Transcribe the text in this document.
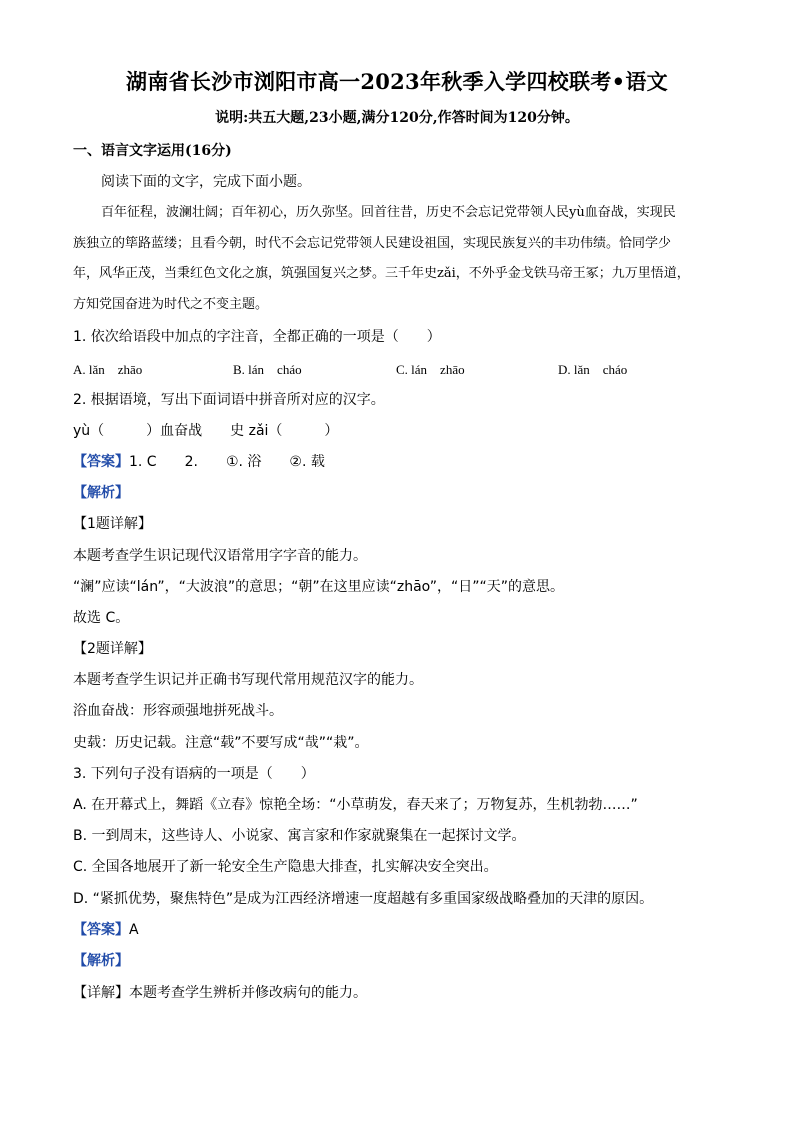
湖南省长沙市浏阳市高一2023年秋季入学四校联考•语文
说明:共五大题,23小题,满分120分,作答时间为120分钟。
一、语言文字运用(16分)
阅读下面的文字，完成下面小题。
百年征程，波澜壮阔；百年初心，历久弥坚。回首往昔，历史不会忘记党带领人民yù血奋战，实现民
族独立的筚路蓝缕；且看今朝，时代不会忘记党带领人民建设祖国，实现民族复兴的丰功伟绩。恰同学少
年，风华正茂，当秉红色文化之旗，筑强国复兴之梦。三千年史zǎi，不外乎金戈铁马帝王冢；九万里悟道，
方知党国奋进为时代之不变主题。
1. 依次给语段中加点的字注音，全都正确的一项是（　　）
A. lǎn　zhāo	B. lán　cháo	C. lán　zhāo	D. lǎn　cháo
2. 根据语境，写出下面词语中拼音所对应的汉字。
yù（　　　）血奋战　　史 zǎi（　　　）
【答案】1. C　　2.　　①. 浴　　②. 载
【解析】
【1题详解】
本题考查学生识记现代汉语常用字字音的能力。
“澜”应读“lán”，“大波浪”的意思；“朝”在这里应读“zhāo”，“日”“天”的意思。
故选 C。
【2题详解】
本题考查学生识记并正确书写现代常用规范汉字的能力。
浴血奋战：形容顽强地拼死战斗。
史载：历史记载。注意“载”不要写成“哉”“栽”。
3. 下列句子没有语病的一项是（　　）
A. 在开幕式上，舞蹈《立春》惊艳全场：“小草萌发，春天来了；万物复苏，生机勃勃……”
B. 一到周末，这些诗人、小说家、寓言家和作家就聚集在一起探讨文学。
C. 全国各地展开了新一轮安全生产隐患大排查，扎实解决安全突出。
D. “紧抓优势，聚焦特色”是成为江西经济增速一度超越有多重国家级战略叠加的天津的原因。
【答案】A
【解析】
【详解】本题考查学生辨析并修改病句的能力。
